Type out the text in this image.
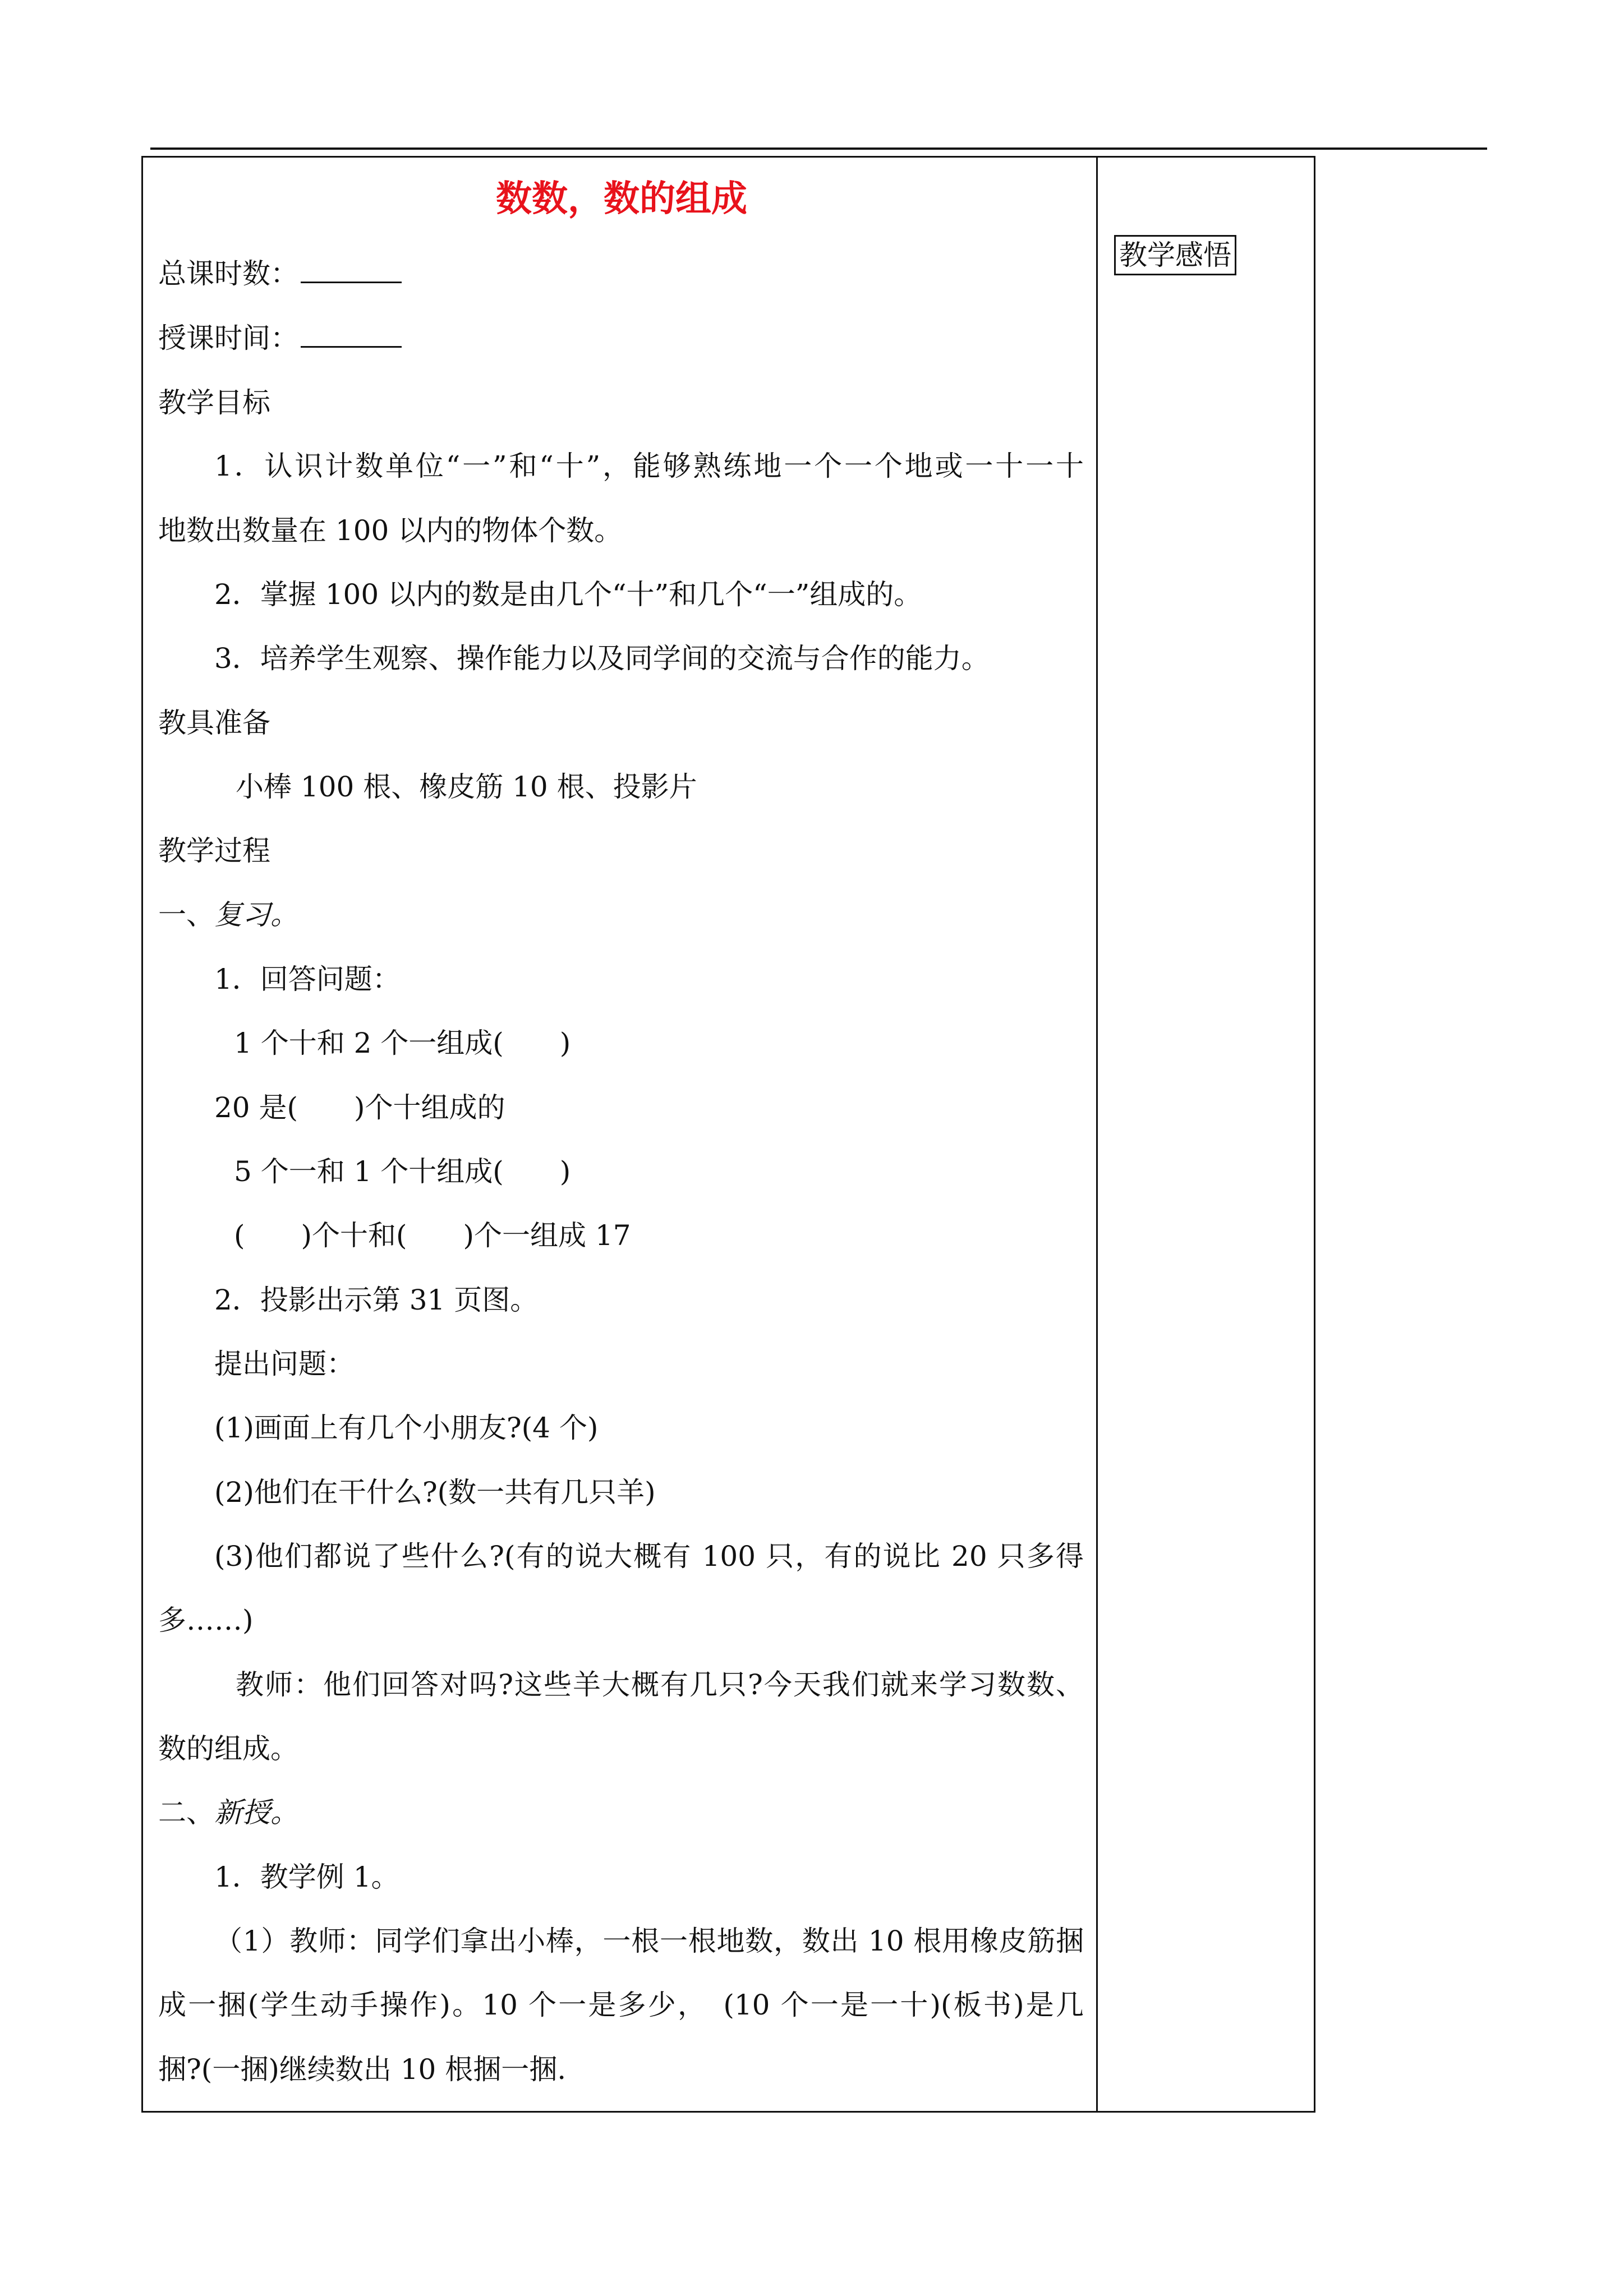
教学感悟
数数，数的组成
总课时数：
授课时间：
教学目标
1．认识计数单位“一”和“十”，能够熟练地一个一个地或一十一十
地数出数量在 100 以内的物体个数。
2．掌握 100 以内的数是由几个“十”和几个“一”组成的。
3．培养学生观察、操作能力以及同学间的交流与合作的能力。
教具准备
小棒 100 根、橡皮筋 10 根、投影片
教学过程
一、复习。
1．回答问题：
1 个十和 2 个一组成(　　)
20 是(　　)个十组成的
5 个一和 1 个十组成(　　)
(　　)个十和(　　)个一组成 17
2．投影出示第 31 页图。
提出问题：
(1)画面上有几个小朋友?(4 个)
(2)他们在干什么?(数一共有几只羊)
(3)他们都说了些什么?(有的说大概有 100 只，有的说比 20 只多得
多……)
教师：他们回答对吗?这些羊大概有几只?今天我们就来学习数数、
数的组成。
二、新授。
1．教学例 1。
（1）教师：同学们拿出小棒，一根一根地数，数出 10 根用橡皮筋捆
成一捆(学生动手操作)。10 个一是多少，　(10 个一是一十)(板书)是几
捆?(一捆)继续数出 10 根捆一捆.
